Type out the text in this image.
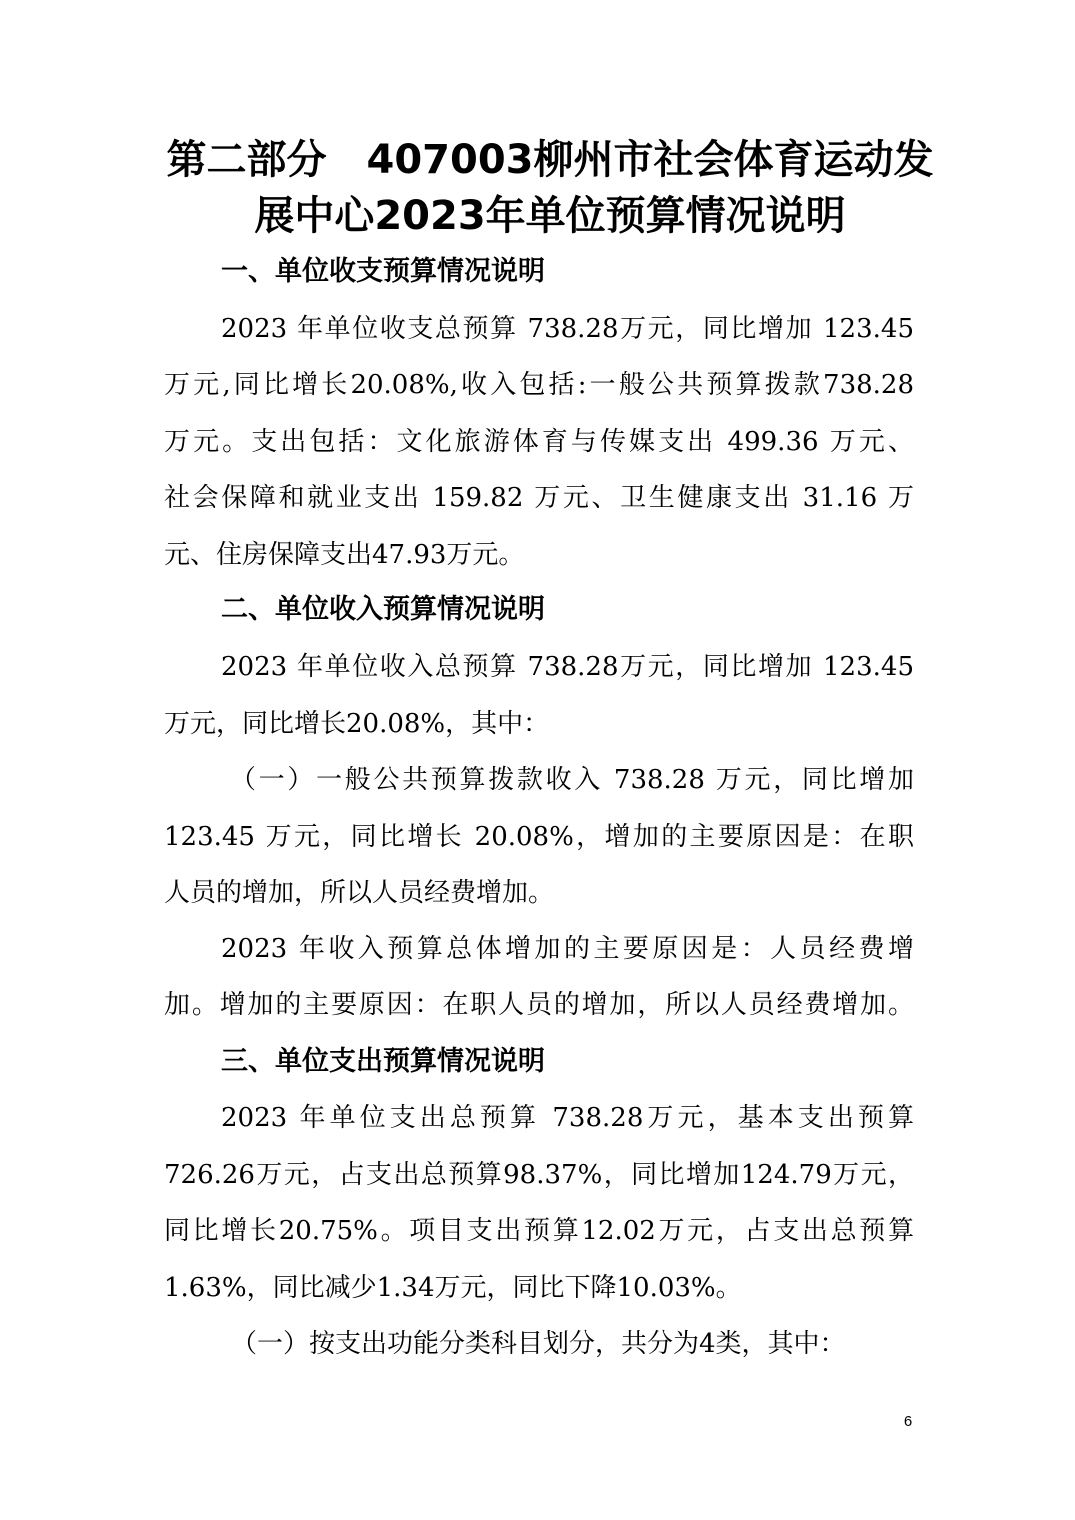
第二部分　407003柳州市社会体育运动发
展中心2023年单位预算情况说明
一、单位收支预算情况说明
2023 年单位收支总预算 738.28万元，同比增加 123.45
万元,同比增长20.08%,收入包括:一般公共预算拨款738.28
万元。支出包括：文化旅游体育与传媒支出 499.36 万元、
社会保障和就业支出 159.82 万元、卫生健康支出 31.16 万
元、住房保障支出47.93万元。
二、单位收入预算情况说明
2023 年单位收入总预算 738.28万元，同比增加 123.45
万元，同比增长20.08%，其中：
（一）一般公共预算拨款收入 738.28 万元，同比增加
123.45 万元，同比增长 20.08%，增加的主要原因是：在职
人员的增加，所以人员经费增加。
2023 年收入预算总体增加的主要原因是：人员经费增
加。增加的主要原因：在职人员的增加，所以人员经费增加。
三、单位支出预算情况说明
2023 年单位支出总预算 738.28万元，基本支出预算
726.26万元，占支出总预算98.37%，同比增加124.79万元，
同比增长20.75%。项目支出预算12.02万元，占支出总预算
1.63%，同比减少1.34万元，同比下降10.03%。
（一）按支出功能分类科目划分，共分为4类，其中：
6
